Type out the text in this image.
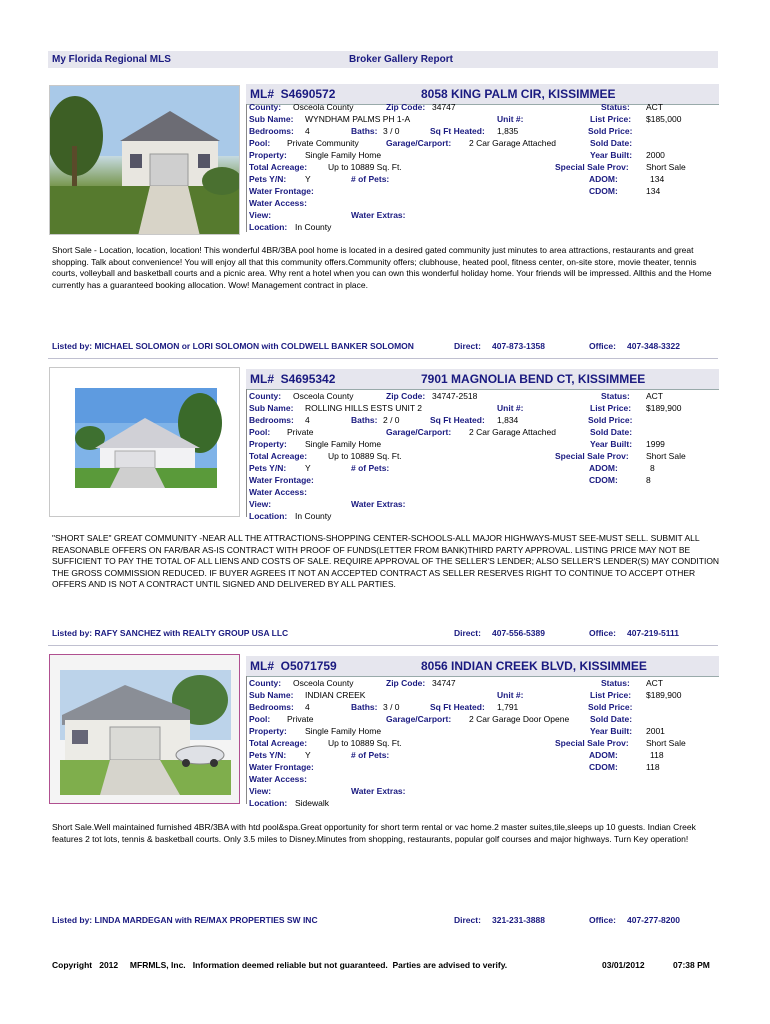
My Florida Regional MLS	Broker Gallery Report
ML# S4690572	8058 KING PALM CIR, KISSIMMEE
County: Osceola County	Zip Code: 34747	Status: ACT
Sub Name: WYNDHAM PALMS PH 1-A	Unit #:	List Price: $185,000
Bedrooms: 4	Baths: 3 / 0	Sq Ft Heated: 1,835	Sold Price:
Pool: Private Community	Garage/Carport: 2 Car Garage Attached	Sold Date:
Property: Single Family Home	Year Built: 2000
Total Acreage: Up to 10889 Sq. Ft.	Special Sale Prov: Short Sale
Pets Y/N: Y	# of Pets:	ADOM:	134
Water Frontage:	CDOM:	134
Water Access:
View:	Water Extras:
Location: In County
Short Sale - Location, location, location! This wonderful 4BR/3BA pool home is located in a desired gated community just minutes to area attractions, restaurants and great shopping. Talk about convenience! You will enjoy all that this community offers.Community offers; clubhouse, heated pool, fitness center, on-site store, movie theater, tennis courts, volleyball and basketball courts and a picnic area. Why rent a hotel when you can own this wonderful holiday home. Your friends will be impressed. Allthis and the Home currently has a guaranteed booking allocation. Wow! Management contract in place.
Listed by: MICHAEL SOLOMON or LORI SOLOMON with COLDWELL BANKER SOLOMON	Direct: 407-873-1358	Office: 407-348-3322
ML# S4695342	7901 MAGNOLIA BEND CT, KISSIMMEE
County: Osceola County	Zip Code: 34747-2518	Status: ACT
Sub Name: ROLLING HILLS ESTS UNIT 2	Unit #:	List Price: $189,900
Bedrooms: 4	Baths: 2 / 0	Sq Ft Heated: 1,834	Sold Price:
Pool: Private	Garage/Carport: 2 Car Garage Attached	Sold Date:
Property: Single Family Home	Year Built: 1999
Total Acreage: Up to 10889 Sq. Ft.	Special Sale Prov: Short Sale
Pets Y/N: Y	# of Pets:	ADOM:	8
Water Frontage:	CDOM:	8
Water Access:
View:	Water Extras:
Location: In County
"SHORT SALE" GREAT COMMUNITY -NEAR ALL THE ATTRACTIONS-SHOPPING CENTER-SCHOOLS-ALL MAJOR HIGHWAYS-MUST SEE-MUST SELL. SUBMIT ALL REASONABLE OFFERS ON FAR/BAR AS-IS CONTRACT WITH PROOF OF FUNDS(LETTER FROM BANK)THIRD PARTY APPROVAL. LISTING PRICE MAY NOT BE SUFFICIENT TO PAY THE TOTAL OF ALL LIENS AND COSTS OF SALE. REQUIRE APPROVAL OF THE SELLER'S LENDER; ALSO SELLER'S LENDER(S) MAY CONDITION THE GROSS COMMISSION REDUCED. IF BUYER AGREES IT NOT AN ACCEPTED CONTRACT AS SELLER RESERVES RIGHT TO CONTINUE TO ACCEPT OTHER OFFERS AND IS NOT A CONTRACT UNTIL SIGNED AND DELIVERED BY ALL PARTIES.
Listed by: RAFY SANCHEZ with REALTY GROUP USA LLC	Direct: 407-556-5389	Office: 407-219-5111
ML# O5071759	8056 INDIAN CREEK BLVD, KISSIMMEE
County: Osceola County	Zip Code: 34747	Status: ACT
Sub Name: INDIAN CREEK	Unit #:	List Price: $189,900
Bedrooms: 4	Baths: 3 / 0	Sq Ft Heated: 1,791	Sold Price:
Pool: Private	Garage/Carport: 2 Car Garage Door Opene Sold Date:
Property: Single Family Home	Year Built: 2001
Total Acreage: Up to 10889 Sq. Ft.	Special Sale Prov: Short Sale
Pets Y/N: Y	# of Pets:	ADOM:	118
Water Frontage:	CDOM:	118
Water Access:
View:	Water Extras:
Location: Sidewalk
Short Sale.Well maintained furnished 4BR/3BA with htd pool&spa.Great opportunity for short term rental or vac home.2 master suites,tile,sleeps up 10 guests. Indian Creek features 2 tot lots, tennis & basketball courts. Only 3.5 miles to Disney.Minutes from shopping, restaurants, popular golf courses and major highways. Turn Key operation!
Listed by: LINDA MARDEGAN with RE/MAX PROPERTIES SW INC	Direct: 321-231-3888	Office: 407-277-8200
Copyright   2012     MFRMLS, Inc.   Information deemed reliable but not guaranteed.  Parties are advised to verify.	03/01/2012	07:38 PM
